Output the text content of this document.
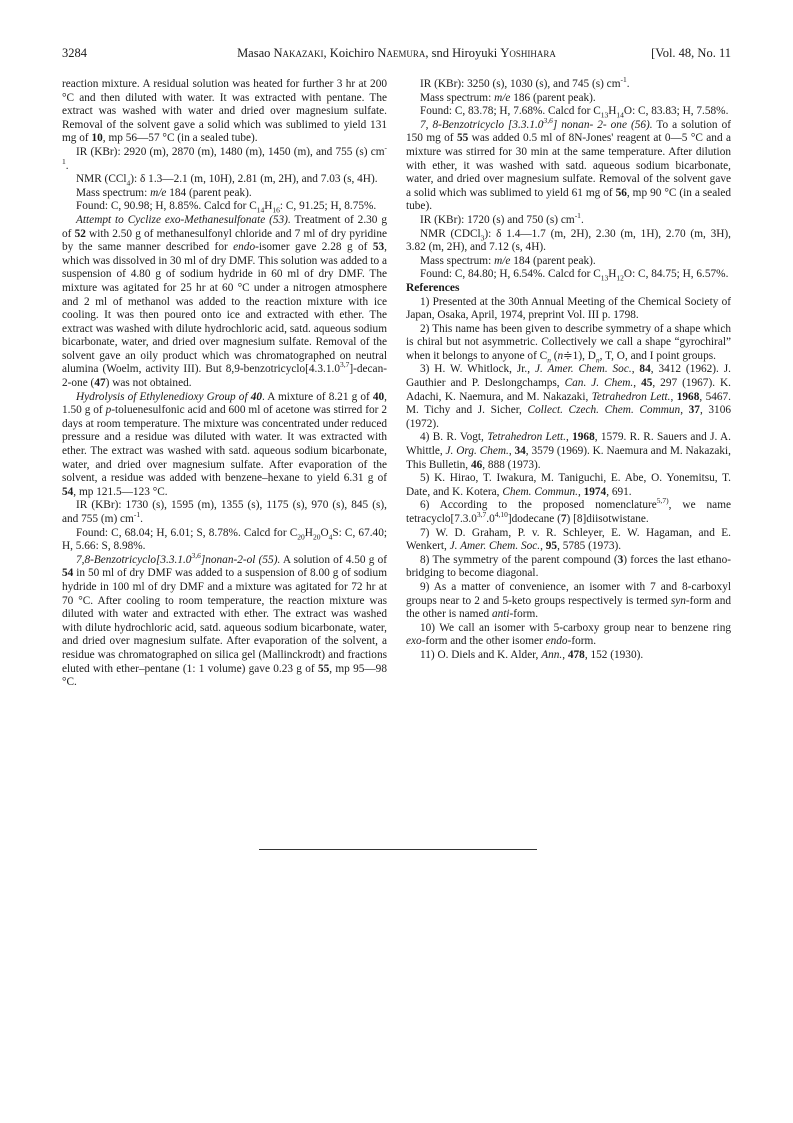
3284	Masao Nakazaki, Koichiro Naemura, snd Hiroyuki Yoshihara	[Vol. 48, No. 11

reaction mixture. A residual solution was heated for further 3 hr at 200 °C and then diluted with water. It was extracted with pentane. The extract was washed with water and dried over magnesium sulfate. Removal of the solvent gave a solid which was sublimed to yield 131 mg of 10, mp 56—57 °C (in a sealed tube).

IR (KBr): 2920 (m), 2870 (m), 1480 (m), 1450 (m), and 755 (s) $cm^{-1}$.

NMR (CCl$_4$): δ 1.3—2.1 (m, 10H), 2.81 (m, 2H), and 7.03 (s, 4H).

Mass spectrum: m/e 184 (parent peak).

Found: C, 90.98; H, 8.85%. Calcd for $C_{14}H_{16}$: C, 91.25; H, 8.75%.

Attempt to Cyclize exo-Methanesulfonate (53). Treatment of 2.30 g of 52 with 2.50 g of methanesulfonyl chloride and 7 ml of dry pyridine by the same manner described for endo-isomer gave 2.28 g of 53, which was dissolved in 30 ml of dry DMF. This solution was added to a suspension of 4.80 g of sodium hydride in 60 ml of dry DMF. The mixture was agitated for 25 hr at 60 °C under a nitrogen atmosphere and 2 ml of methanol was added to the reaction mixture with ice cooling. It was then poured onto ice and extracted with ether. The extract was washed with dilute hydrochloric acid, satd. aqueous sodium bicarbonate, water, and dried over magnesium sulfate. Removal of the solvent gave an oily product which was chromatographed on neutral alumina (Woelm, activity III). But 8,9-benzotricyclo[4.3.1.0$^{3,7}$]-decan-2-one (47) was not obtained.

Hydrolysis of Ethylenedioxy Group of 40. A mixture of 8.21 g of 40, 1.50 g of p-toluenesulfonic acid and 600 ml of acetone was stirred for 2 days at room temperature. The mixture was concentrated under reduced pressure and a residue was diluted with water. It was extracted with ether. The extract was washed with satd. aqueous sodium bicarbonate, water, and dried over magnesium sulfate. After evaporation of the solvent, a residue was added with benzene–hexane to yield 6.31 g of 54, mp 121.5—123 °C.

IR (KBr): 1730 (s), 1595 (m), 1355 (s), 1175 (s), 970 (s), 845 (s), and 755 (m) $cm^{-1}$.

Found: C, 68.04; H, 6.01; S, 8.78%. Calcd for $C_{20}H_{20}O_4S$: C, 67.40; H, 5.66: S, 8.98%.

7,8-Benzotricyclo[3.3.1.0$^{3,6}$]nonan-2-ol (55). A solution of 4.50 g of 54 in 50 ml of dry DMF was added to a suspension of 8.00 g of sodium hydride in 100 ml of dry DMF and a mixture was agitated for 72 hr at 70 °C. After cooling to room temperature, the reaction mixture was diluted with water and extracted with ether. The extract was washed with dilute hydrochloric acid, satd. aqueous sodium bicarbonate, water, and dried over magnesium sulfate. After evaporation of the solvent, a residue was chromatographed on silica gel (Mallinckrodt) and fractions eluted with ether–pentane (1: 1 volume) gave 0.23 g of 55, mp 95—98 °C.

IR (KBr): 3250 (s), 1030 (s), and 745 (s) $cm^{-1}$.

Mass spectrum: m/e 186 (parent peak).

Found: C, 83.78; H, 7.68%. Calcd for $C_{13}H_{14}O$: C, 83.83; H, 7.58%.

7, 8-Benzotricyclo [3.3.1.0$^{3,6}$] nonan- 2- one (56). To a solution of 150 mg of 55 was added 0.5 ml of 8N-Jones' reagent at 0—5 °C and a mixture was stirred for 30 min at the same temperature. After dilution with ether, it was washed with satd. aqueous sodium bicarbonate, water, and dried over magnesium sulfate. Removal of the solvent gave a solid which was sublimed to yield 61 mg of 56, mp 90 °C (in a sealed tube).

IR (KBr): 1720 (s) and 750 (s) $cm^{-1}$.

NMR (CDCl$_3$): δ 1.4—1.7 (m, 2H), 2.30 (m, 1H), 2.70 (m, 3H), 3.82 (m, 2H), and 7.12 (s, 4H).

Mass spectrum: m/e 184 (parent peak).

Found: C, 84.80; H, 6.54%. Calcd for $C_{13}H_{12}O$: C, 84.75; H, 6.57%.

References

1) Presented at the 30th Annual Meeting of the Chemical Society of Japan, Osaka, April, 1974, preprint Vol. III p. 1798.

2) This name has been given to describe symmetry of a shape which is chiral but not asymmetric. Collectively we call a shape “gyrochiral” when it belongs to anyone of $C_n$ (n≑1), $D_n$, T, O, and I point groups.

3) H. W. Whitlock, Jr., J. Amer. Chem. Soc., 84, 3412 (1962). J. Gauthier and P. Deslongchamps, Can. J. Chem., 45, 297 (1967). K. Adachi, K. Naemura, and M. Nakazaki, Tetrahedron Lett., 1968, 5467. M. Tichy and J. Sicher, Collect. Czech. Chem. Commun, 37, 3106 (1972).

4) B. R. Vogt, Tetrahedron Lett., 1968, 1579. R. R. Sauers and J. A. Whittle, J. Org. Chem., 34, 3579 (1969). K. Naemura and M. Nakazaki, This Bulletin, 46, 888 (1973).

5) K. Hirao, T. Iwakura, M. Taniguchi, E. Abe, O. Yonemitsu, T. Date, and K. Kotera, Chem. Commun., 1974, 691.

6) According to the proposed nomenclature$^{5,7)}$, we name tetracyclo[7.3.0$^{3,7}$.0$^{4,10}$]dodecane (7) [8]diisotwistane.

7) W. D. Graham, P. v. R. Schleyer, E. W. Hagaman, and E. Wenkert, J. Amer. Chem. Soc., 95, 5785 (1973).

8) The symmetry of the parent compound (3) forces the last ethano-bridging to become diagonal.

9) As a matter of convenience, an isomer with 7 and 8-carboxyl groups near to 2 and 5-keto groups respectively is termed syn-form and the other is named anti-form.

10) We call an isomer with 5-carboxy group near to benzene ring exo-form and the other isomer endo-form.

11) O. Diels and K. Alder, Ann., 478, 152 (1930).
